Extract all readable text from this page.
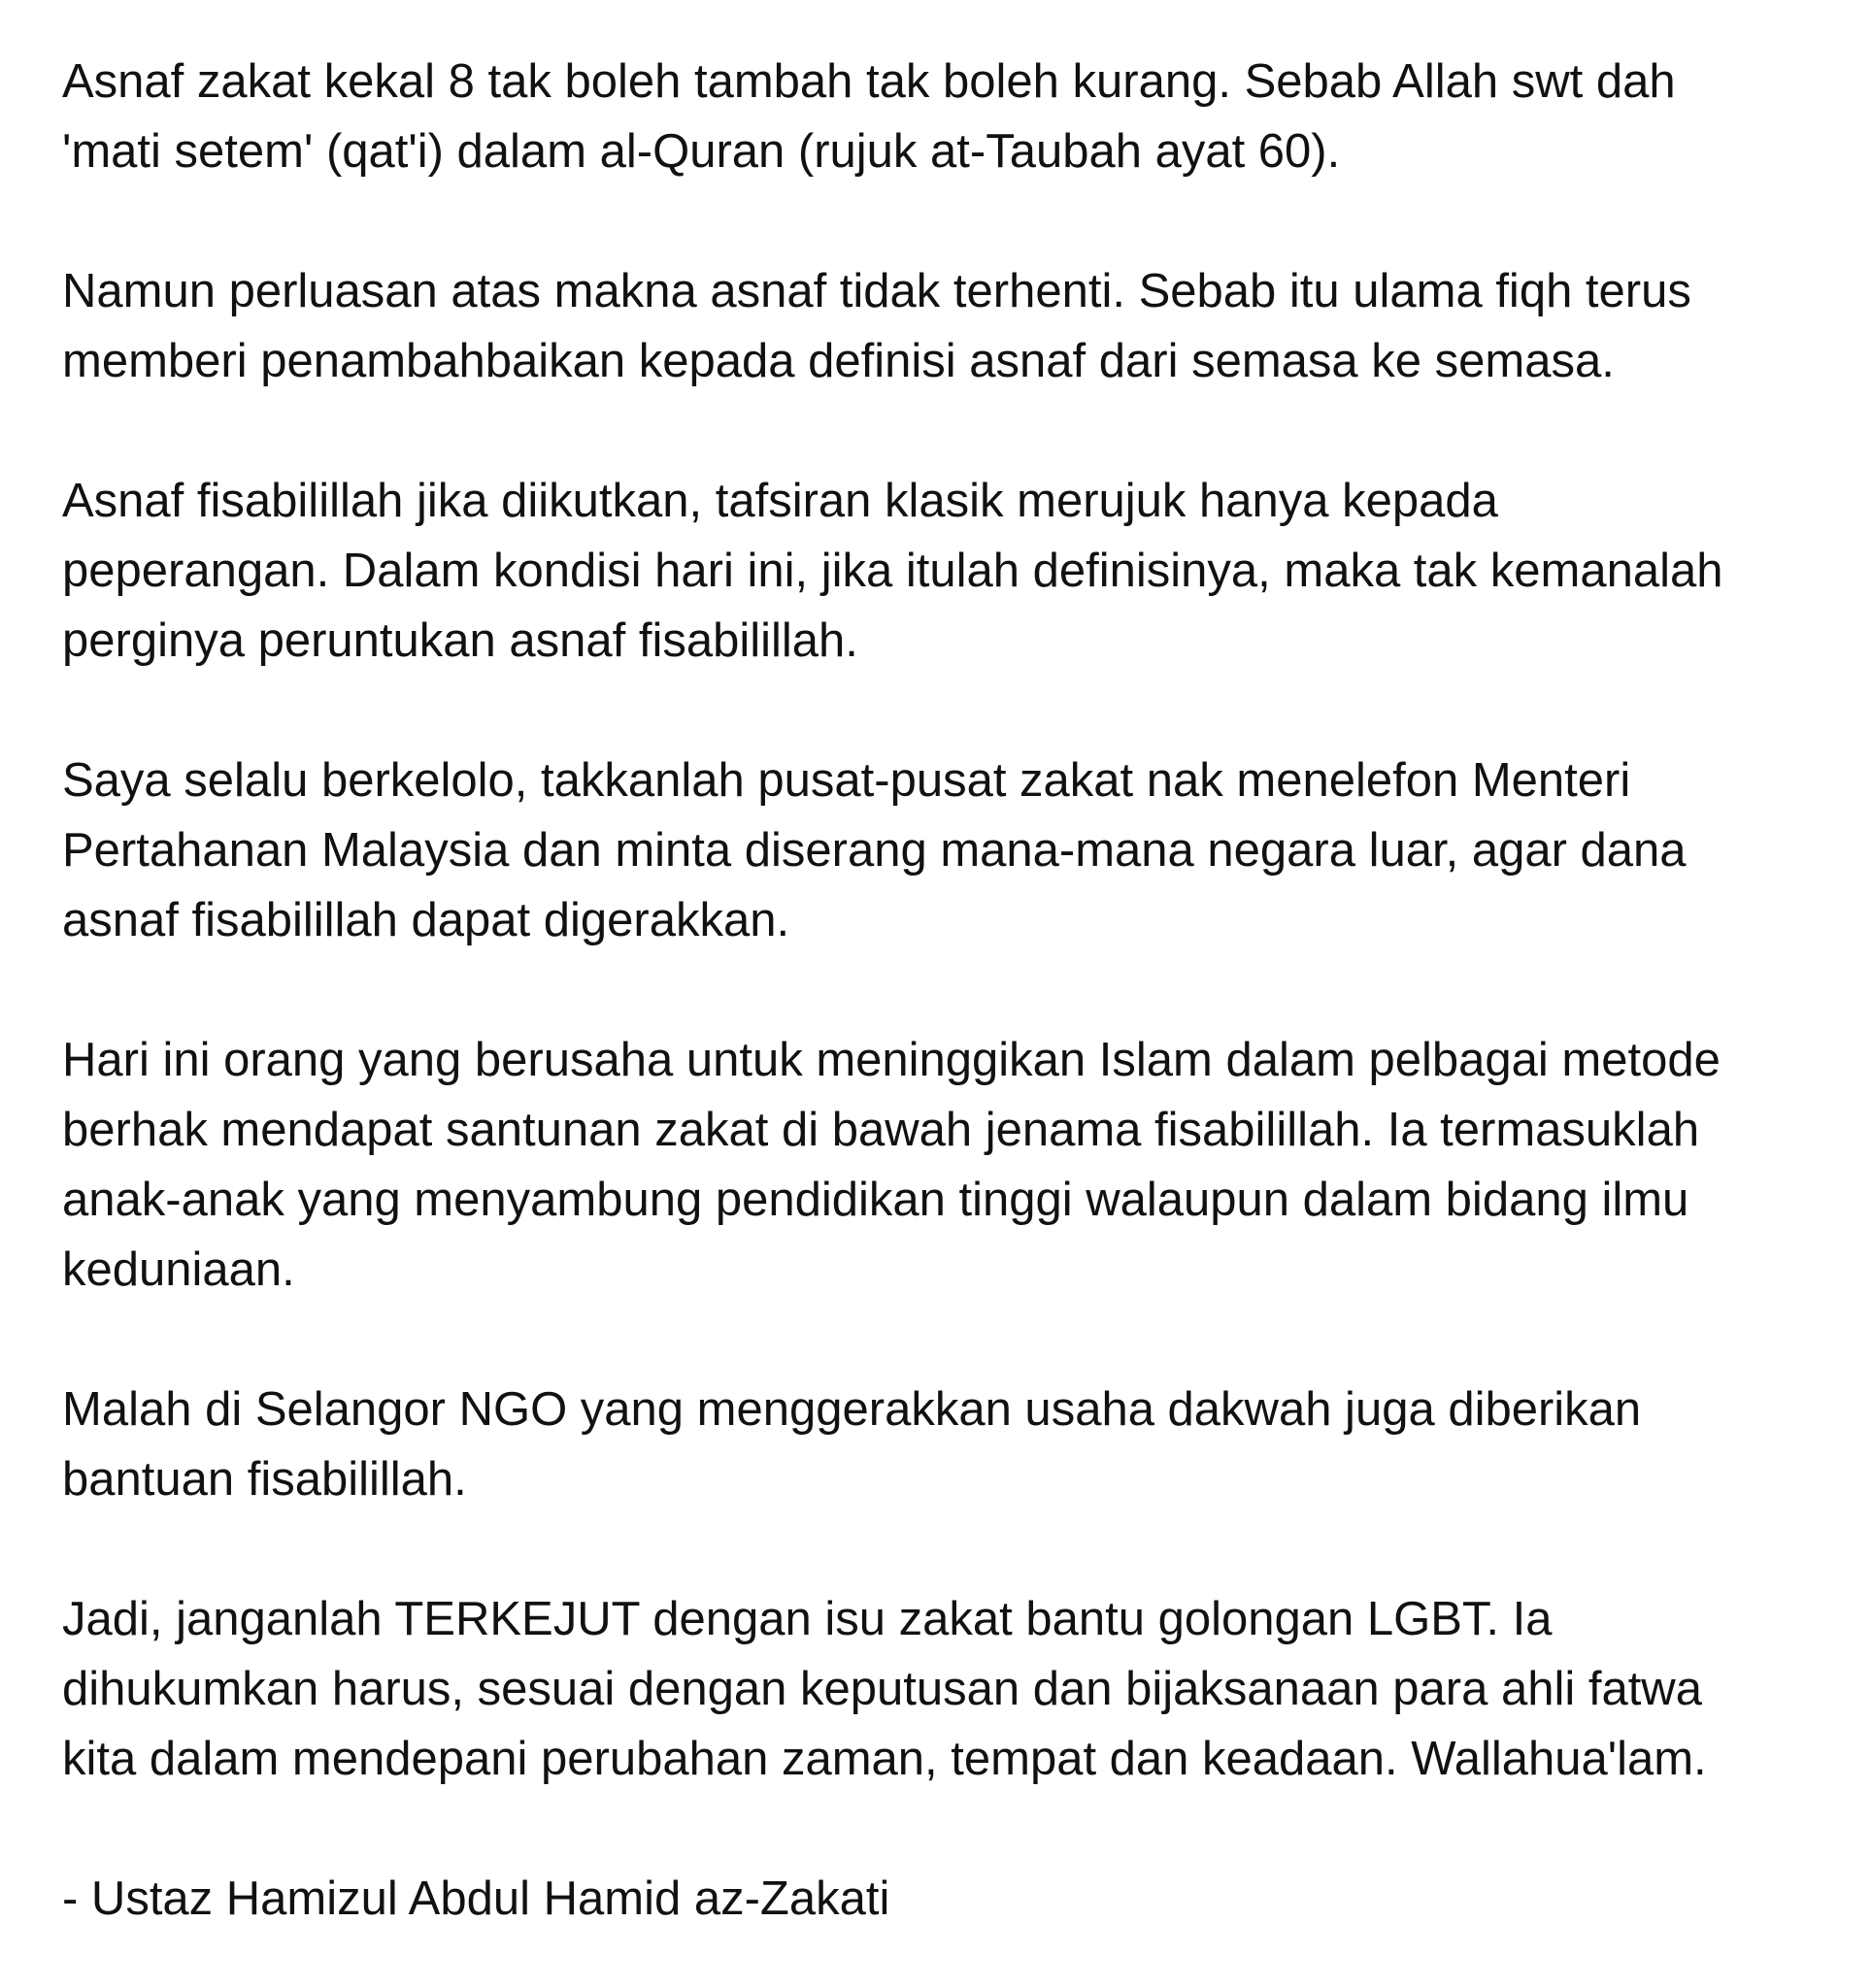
Asnaf zakat kekal 8 tak boleh tambah tak boleh kurang. Sebab Allah swt dah
'mati setem' (qat'i) dalam al-Quran (rujuk at-Taubah ayat 60).

Namun perluasan atas makna asnaf tidak terhenti. Sebab itu ulama fiqh terus
memberi penambahbaikan kepada definisi asnaf dari semasa ke semasa.

Asnaf fisabilillah jika diikutkan, tafsiran klasik merujuk hanya kepada
peperangan. Dalam kondisi hari ini, jika itulah definisinya, maka tak kemanalah
perginya peruntukan asnaf fisabilillah.

Saya selalu berkelolo, takkanlah pusat-pusat zakat nak menelefon Menteri
Pertahanan Malaysia dan minta diserang mana-mana negara luar, agar dana
asnaf fisabilillah dapat digerakkan.

Hari ini orang yang berusaha untuk meninggikan Islam dalam pelbagai metode
berhak mendapat santunan zakat di bawah jenama fisabilillah. Ia termasuklah
anak-anak yang menyambung pendidikan tinggi walaupun dalam bidang ilmu
keduniaan.

Malah di Selangor NGO yang menggerakkan usaha dakwah juga diberikan
bantuan fisabilillah.

Jadi, janganlah TERKEJUT dengan isu zakat bantu golongan LGBT. Ia
dihukumkan harus, sesuai dengan keputusan dan bijaksanaan para ahli fatwa
kita dalam mendepani perubahan zaman, tempat dan keadaan. Wallahua'lam.

- Ustaz Hamizul Abdul Hamid az-Zakati
